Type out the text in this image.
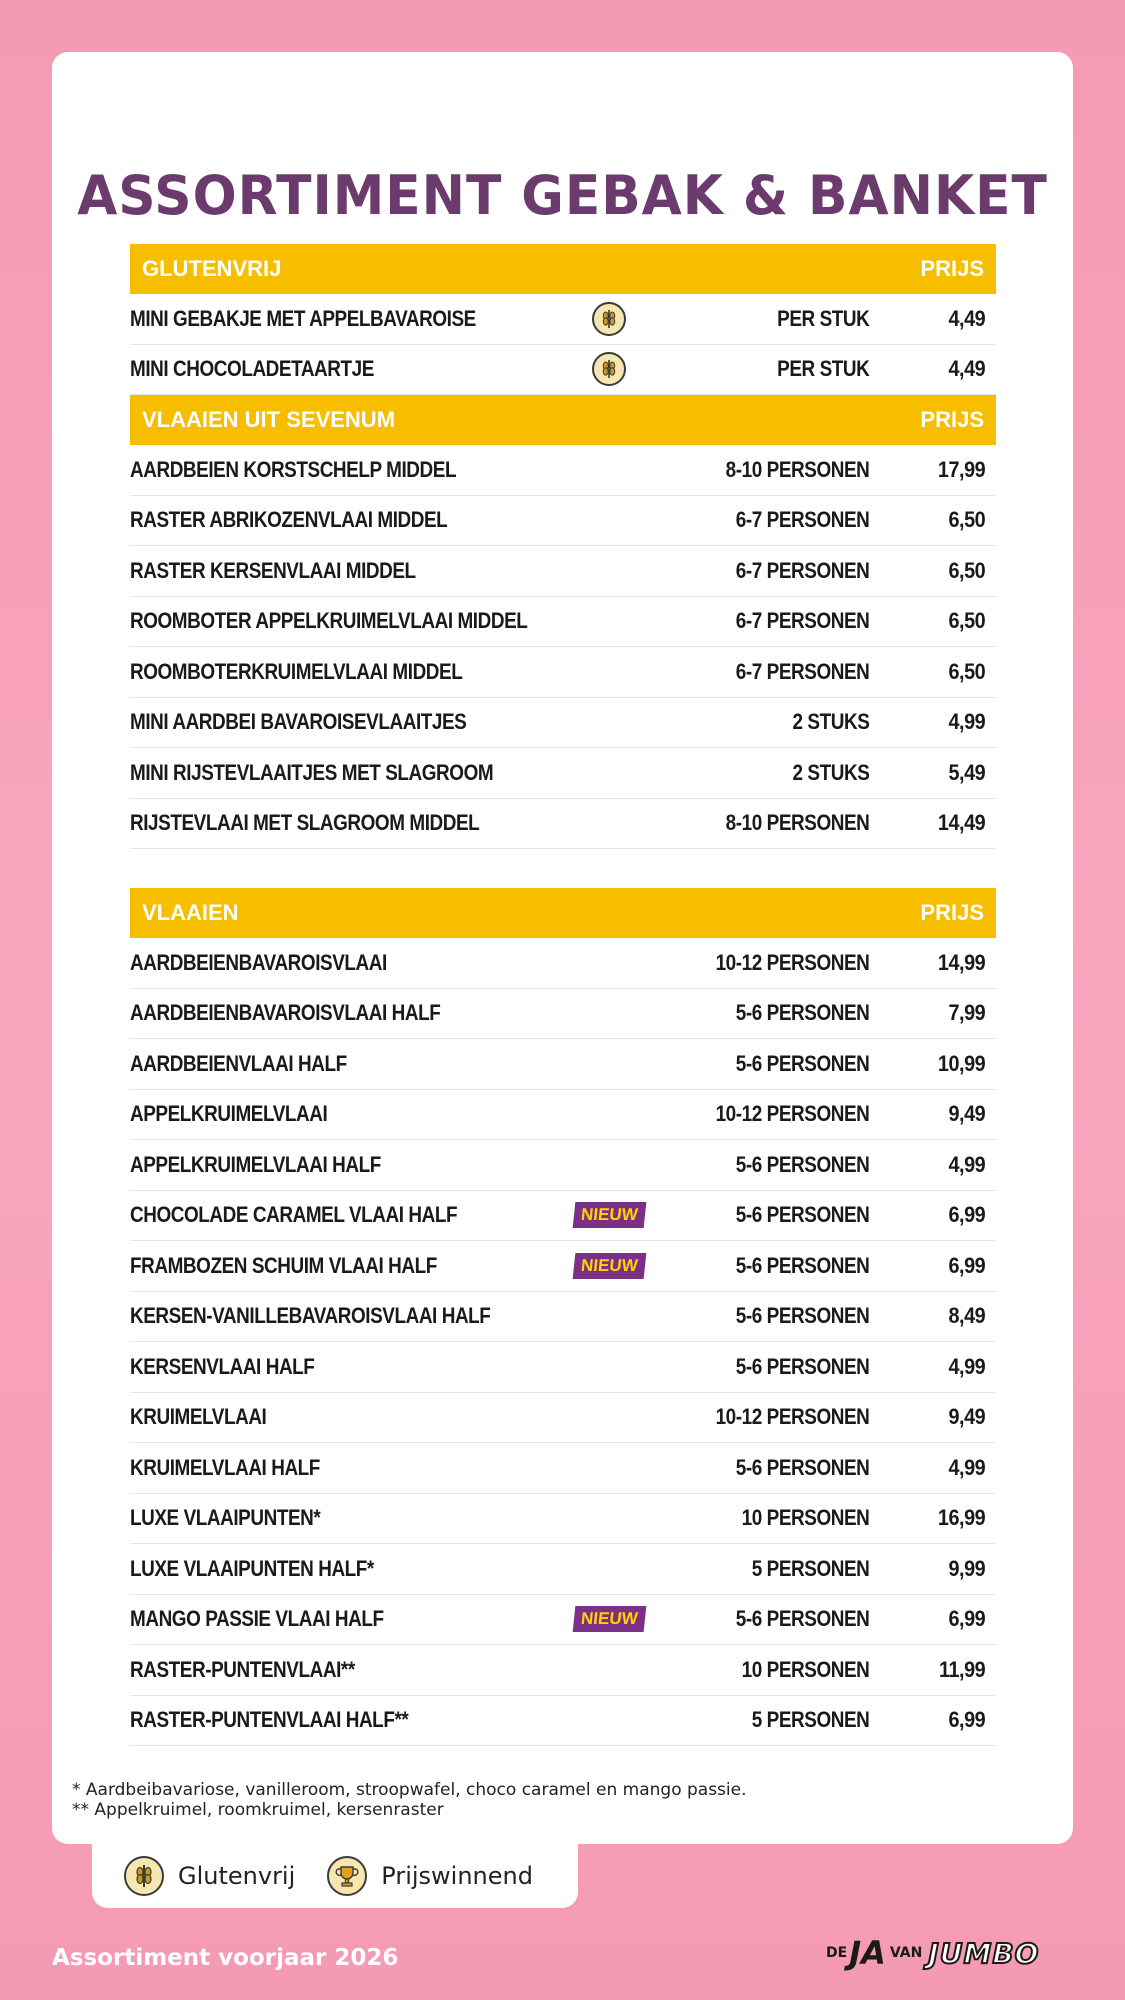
ASSORTIMENT GEBAK & BANKET
GLUTENVRIJ	PRIJS
MINI GEBAKJE MET APPELBAVAROISE	PER STUK	4,49
MINI CHOCOLADETAARTJE	PER STUK	4,49
VLAAIEN UIT SEVENUM	PRIJS
AARDBEIEN KORSTSCHELP MIDDEL	8-10 PERSONEN	17,99
RASTER ABRIKOZENVLAAI MIDDEL	6-7 PERSONEN	6,50
RASTER KERSENVLAAI MIDDEL	6-7 PERSONEN	6,50
ROOMBOTER APPELKRUIMELVLAAI MIDDEL	6-7 PERSONEN	6,50
ROOMBOTERKRUIMELVLAAI MIDDEL	6-7 PERSONEN	6,50
MINI AARDBEI BAVAROISEVLAAITJES	2 STUKS	4,99
MINI RIJSTEVLAAITJES MET SLAGROOM	2 STUKS	5,49
RIJSTEVLAAI MET SLAGROOM MIDDEL	8-10 PERSONEN	14,49
VLAAIEN	PRIJS
AARDBEIENBAVAROISVLAAI	10-12 PERSONEN	14,99
AARDBEIENBAVAROISVLAAI HALF	5-6 PERSONEN	7,99
AARDBEIENVLAAI HALF	5-6 PERSONEN	10,99
APPELKRUIMELVLAAI	10-12 PERSONEN	9,49
APPELKRUIMELVLAAI HALF	5-6 PERSONEN	4,99
CHOCOLADE CARAMEL VLAAI HALF	NIEUW	5-6 PERSONEN	6,99
FRAMBOZEN SCHUIM VLAAI HALF	NIEUW	5-6 PERSONEN	6,99
KERSEN-VANILLEBAVAROISVLAAI HALF	5-6 PERSONEN	8,49
KERSENVLAAI HALF	5-6 PERSONEN	4,99
KRUIMELVLAAI	10-12 PERSONEN	9,49
KRUIMELVLAAI HALF	5-6 PERSONEN	4,99
LUXE VLAAIPUNTEN*	10 PERSONEN	16,99
LUXE VLAAIPUNTEN HALF*	5 PERSONEN	9,99
MANGO PASSIE VLAAI HALF	NIEUW	5-6 PERSONEN	6,99
RASTER-PUNTENVLAAI**	10 PERSONEN	11,99
RASTER-PUNTENVLAAI HALF**	5 PERSONEN	6,99
* Aardbeibavariose, vanilleroom, stroopwafel, choco caramel en mango passie.
** Appelkruimel, roomkruimel, kersenraster
Glutenvrij	Prijswinnend
Assortiment voorjaar 2026	DE JA VAN JUMBO
